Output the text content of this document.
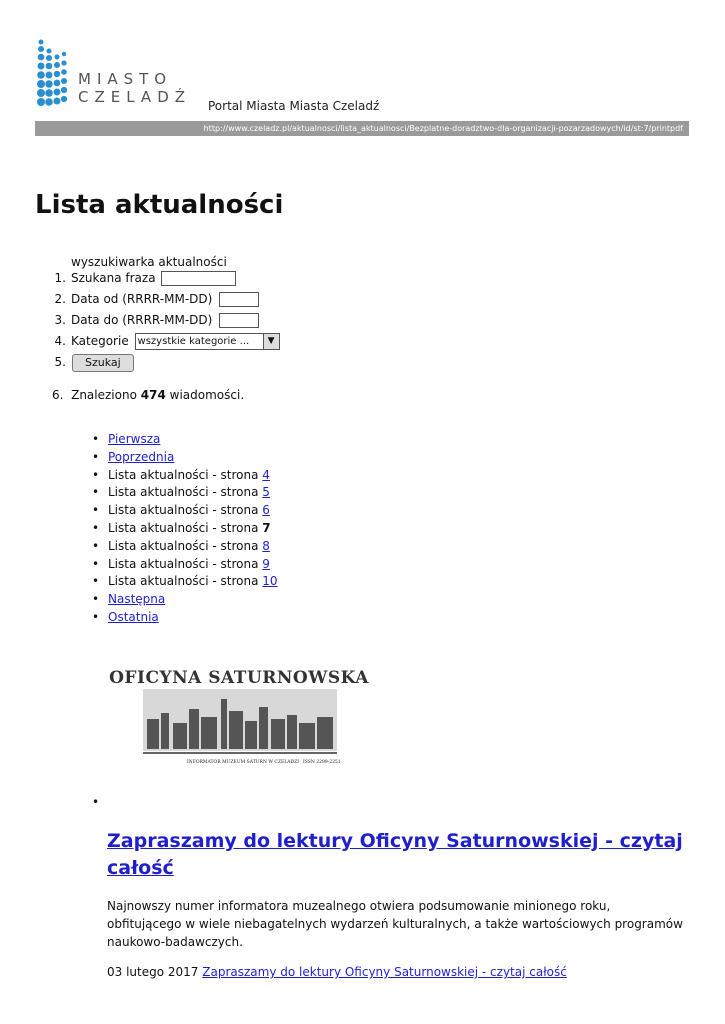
MIASTO
CZELADŹ Portal Miasta Miasta Czeladź
http://www.czeladz.pl/aktualnosci/lista_aktualnosci/Bezplatne-doradztwo-dla-organizacji-pozarzadowych/id/st:7/printpdf
Lista aktualności
wyszukiwarka aktualności
1. Szukana fraza
2. Data od (RRRR-MM-DD)
3. Data do (RRRR-MM-DD)
4. Kategorie wszystkie kategorie ...	▼
5.	Szukaj
6. Znaleziono 474 wiadomości.
• Pierwsza
• Poprzednia
• Lista aktualności - strona 4
• Lista aktualności - strona 5
• Lista aktualności - strona 6
• Lista aktualności - strona 7
• Lista aktualności - strona 8
• Lista aktualności - strona 9
• Lista aktualności - strona 10
• Następna
• Ostatnia
OFICYNA SATURNOWSKA
INFORMATOR MUZEUM SATURN W CZELADZI ISSN 2299-2251
•
Zapraszamy do lektury Oficyny Saturnowskiej - czytaj całość
Najnowszy numer informatora muzealnego otwiera podsumowanie minionego roku, obfitującego w wiele niebagatelnych wydarzeń kulturalnych, a także wartościowych programów naukowo-badawczych.
03 lutego 2017 Zapraszamy do lektury Oficyny Saturnowskiej - czytaj całość
